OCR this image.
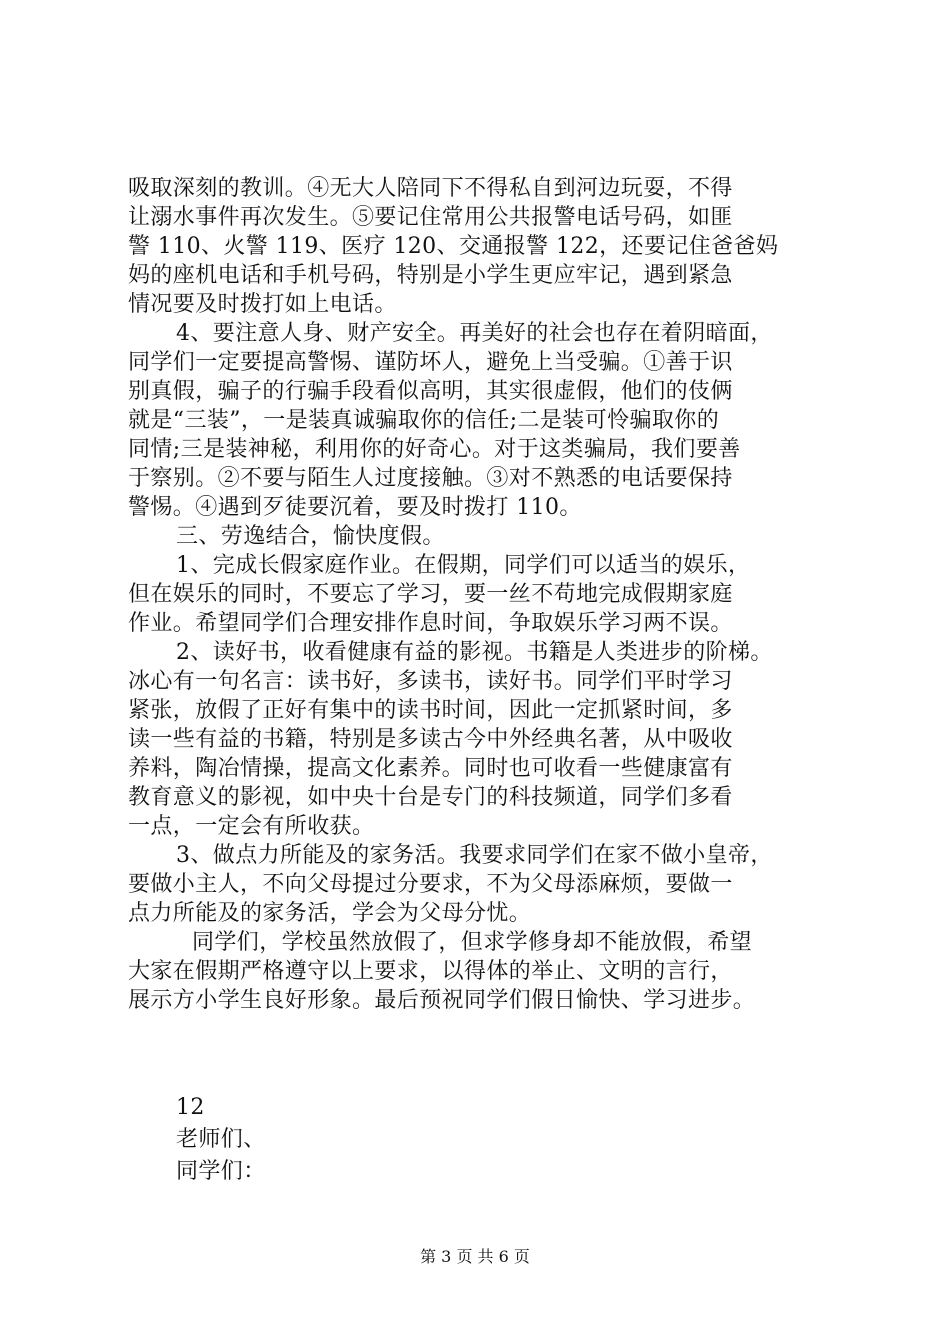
吸取深刻的教训。④无大人陪同下不得私自到河边玩耍，不得
让溺水事件再次发生。⑤要记住常用公共报警电话号码，如匪
警 110、火警 119、医疗 120、交通报警 122，还要记住爸爸妈
妈的座机电话和手机号码，特别是小学生更应牢记，遇到紧急
情况要及时拨打如上电话。
4、要注意人身、财产安全。再美好的社会也存在着阴暗面，
同学们一定要提高警惕、谨防坏人，避免上当受骗。①善于识
别真假，骗子的行骗手段看似高明，其实很虚假，他们的伎俩
就是“三装”，一是装真诚骗取你的信任;二是装可怜骗取你的
同情;三是装神秘，利用你的好奇心。对于这类骗局，我们要善
于察别。②不要与陌生人过度接触。③对不熟悉的电话要保持
警惕。④遇到歹徒要沉着，要及时拨打 110。
三、劳逸结合，愉快度假。
1、完成长假家庭作业。在假期，同学们可以适当的娱乐，
但在娱乐的同时，不要忘了学习，要一丝不苟地完成假期家庭
作业。希望同学们合理安排作息时间，争取娱乐学习两不误。
2、读好书，收看健康有益的影视。书籍是人类进步的阶梯。
冰心有一句名言：读书好，多读书，读好书。同学们平时学习
紧张，放假了正好有集中的读书时间，因此一定抓紧时间，多
读一些有益的书籍，特别是多读古今中外经典名著，从中吸收
养料，陶冶情操，提高文化素养。同时也可收看一些健康富有
教育意义的影视，如中央十台是专门的科技频道，同学们多看
一点，一定会有所收获。
3、做点力所能及的家务活。我要求同学们在家不做小皇帝，
要做小主人，不向父母提过分要求，不为父母添麻烦，要做一
点力所能及的家务活，学会为父母分忧。
同学们，学校虽然放假了，但求学修身却不能放假，希望
大家在假期严格遵守以上要求，以得体的举止、文明的言行，
展示方小学生良好形象。最后预祝同学们假日愉快、学习进步。
12
老师们、
同学们：
第 3 页 共 6 页
